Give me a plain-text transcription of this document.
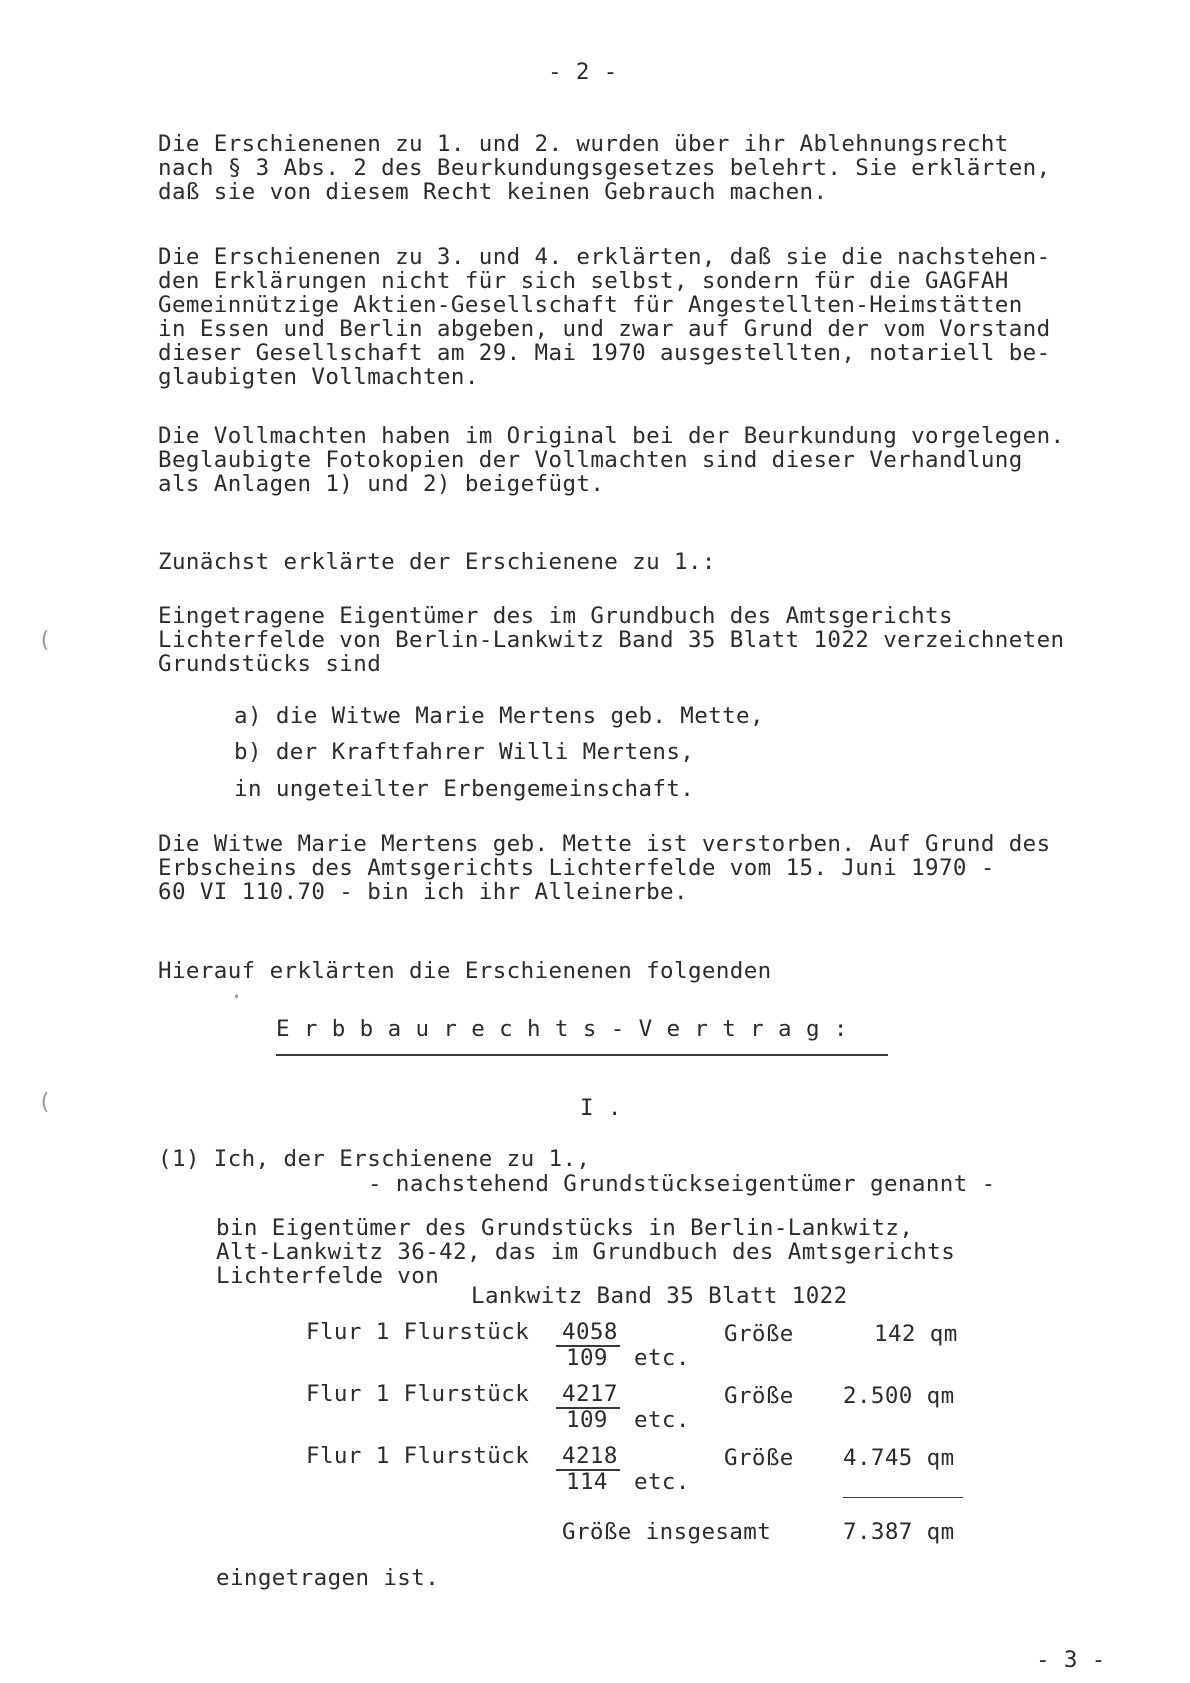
- 2 -
Die Erschienenen zu 1. und 2. wurden über ihr Ablehnungsrecht
nach § 3 Abs. 2 des Beurkundungsgesetzes belehrt. Sie erklärten,
daß sie von diesem Recht keinen Gebrauch machen.
Die Erschienenen zu 3. und 4. erklärten, daß sie die nachstehen-
den Erklärungen nicht für sich selbst, sondern für die GAGFAH
Gemeinnützige Aktien-Gesellschaft für Angestellten-Heimstätten
in Essen und Berlin abgeben, und zwar auf Grund der vom Vorstand
dieser Gesellschaft am 29. Mai 1970 ausgestellten, notariell be-
glaubigten Vollmachten.
Die Vollmachten haben im Original bei der Beurkundung vorgelegen.
Beglaubigte Fotokopien der Vollmachten sind dieser Verhandlung
als Anlagen 1) und 2) beigefügt.
Zunächst erklärte der Erschienene zu 1.:
Eingetragene Eigentümer des im Grundbuch des Amtsgerichts
Lichterfelde von Berlin-Lankwitz Band 35 Blatt 1022 verzeichneten
Grundstücks sind
a) die Witwe Marie Mertens geb. Mette,
b) der Kraftfahrer Willi Mertens,
in ungeteilter Erbengemeinschaft.
Die Witwe Marie Mertens geb. Mette ist verstorben. Auf Grund des
Erbscheins des Amtsgerichts Lichterfelde vom 15. Juni 1970 -
60 VI 110.70 - bin ich ihr Alleinerbe.
Hierauf erklärten die Erschienenen folgenden
·
E r b b a u r e c h t s - V e r t r a g :
I .
(1) Ich, der Erschienene zu 1.,
- nachstehend Grundstückseigentümer genannt -
bin Eigentümer des Grundstücks in Berlin-Lankwitz,
Alt-Lankwitz 36-42, das im Grundbuch des Amtsgerichts
Lichterfelde von
Lankwitz Band 35 Blatt 1022
Flur 1 Flurstück 4058
109 etc.
Größe	142 qm
Flur 1 Flurstück 4217
109 etc.
Größe 2.500 qm
Flur 1 Flurstück 4218
114 etc.
Größe 4.745 qm
Größe insgesamt	7.387 qm
eingetragen ist.
- 3 -
(
(
